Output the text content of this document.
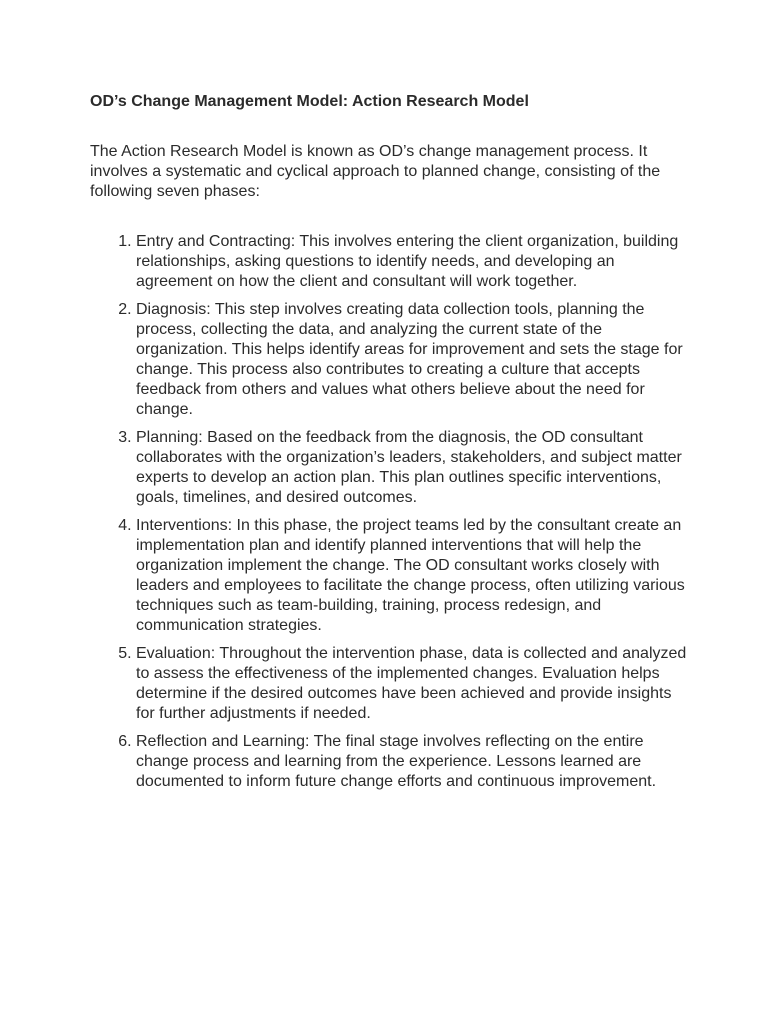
OD’s Change Management Model: Action Research Model

The Action Research Model is known as OD’s change management process. It involves a systematic and cyclical approach to planned change, consisting of the following seven phases:

1. Entry and Contracting: This involves entering the client organization, building relationships, asking questions to identify needs, and developing an agreement on how the client and consultant will work together.
2. Diagnosis: This step involves creating data collection tools, planning the process, collecting the data, and analyzing the current state of the organization. This helps identify areas for improvement and sets the stage for change. This process also contributes to creating a culture that accepts feedback from others and values what others believe about the need for change.
3. Planning: Based on the feedback from the diagnosis, the OD consultant collaborates with the organization’s leaders, stakeholders, and subject matter experts to develop an action plan. This plan outlines specific interventions, goals, timelines, and desired outcomes.
4. Interventions: In this phase, the project teams led by the consultant create an implementation plan and identify planned interventions that will help the organization implement the change. The OD consultant works closely with leaders and employees to facilitate the change process, often utilizing various techniques such as team-building, training, process redesign, and communication strategies.
5. Evaluation: Throughout the intervention phase, data is collected and analyzed to assess the effectiveness of the implemented changes. Evaluation helps determine if the desired outcomes have been achieved and provide insights for further adjustments if needed.
6. Reflection and Learning: The final stage involves reflecting on the entire change process and learning from the experience. Lessons learned are documented to inform future change efforts and continuous improvement.
